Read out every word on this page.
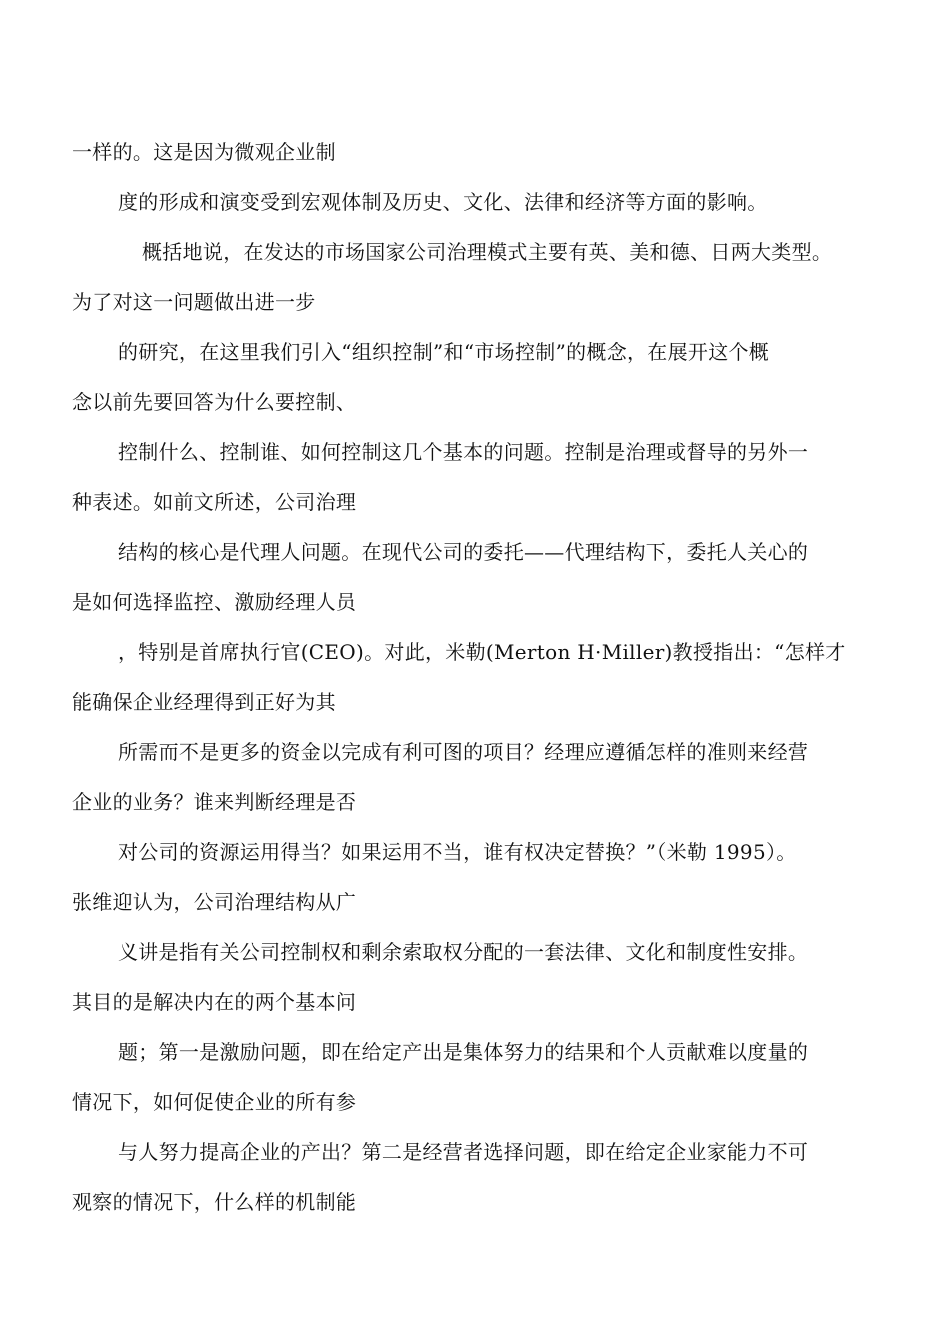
一样的。这是因为微观企业制
度的形成和演变受到宏观体制及历史、文化、法律和经济等方面的影响。
概括地说，在发达的市场国家公司治理模式主要有英、美和德、日两大类型。
为了对这一问题做出进一步
的研究，在这里我们引入“组织控制”和“市场控制”的概念，在展开这个概
念以前先要回答为什么要控制、
控制什么、控制谁、如何控制这几个基本的问题。控制是治理或督导的另外一
种表述。如前文所述，公司治理
结构的核心是代理人问题。在现代公司的委托——代理结构下，委托人关心的
是如何选择监控、激励经理人员
，特别是首席执行官(CEO)。对此，米勒(Merton H·Miller)教授指出：“怎样才
能确保企业经理得到正好为其
所需而不是更多的资金以完成有利可图的项目？经理应遵循怎样的准则来经营
企业的业务？谁来判断经理是否
对公司的资源运用得当？如果运用不当，谁有权决定替换？”（米勒 1995）。
张维迎认为，公司治理结构从广
义讲是指有关公司控制权和剩余索取权分配的一套法律、文化和制度性安排。
其目的是解决内在的两个基本问
题；第一是激励问题，即在给定产出是集体努力的结果和个人贡献难以度量的
情况下，如何促使企业的所有参
与人努力提高企业的产出？第二是经营者选择问题，即在给定企业家能力不可
观察的情况下，什么样的机制能
